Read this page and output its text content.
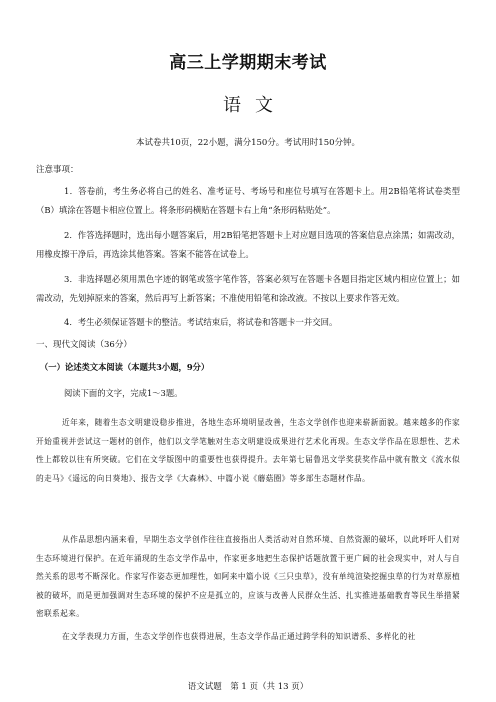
高三上学期期末考试
语文
本试卷共10页，22小题，满分150分。考试用时150分钟。
注意事项：
1．答卷前，考生务必将自己的姓名、准考证号、考场号和座位号填写在答题卡上。用2B铅笔将试卷类型（B）填涂在答题卡相应位置上。将条形码横贴在答题卡右上角“条形码粘贴处”。
2．作答选择题时，选出每小题答案后，用2B铅笔把答题卡上对应题目选项的答案信息点涂黑；如需改动，用橡皮擦干净后，再选涂其他答案。答案不能答在试卷上。
3．非选择题必须用黑色字迹的钢笔或签字笔作答，答案必须写在答题卡各题目指定区域内相应位置上；如需改动，先划掉原来的答案，然后再写上新答案；不准使用铅笔和涂改液。不按以上要求作答无效。
4．考生必须保证答题卡的整洁。考试结束后，将试卷和答题卡一并交回。
一、现代文阅读（36分）
（一）论述类文本阅读（本题共3小题，9分）
阅读下面的文字，完成1～3题。
近年来，随着生态文明建设稳步推进，各地生态环境明显改善，生态文学创作也迎来崭新面貌。越来越多的作家开始重视并尝试这一题材的创作，他们以文学笔触对生态文明建设成果进行艺术化再现。生态文学作品在思想性、艺术性上都较以往有所突破。它们在文学版图中的重要性也获得提升。去年第七届鲁迅文学奖获奖作品中就有散文《流水似的走马》《遥远的向日葵地》、报告文学《大森林》、中篇小说《蘑菇圈》等多部生态题材作品。
从作品思想内涵来看，早期生态文学创作往往直接指出人类活动对自然环境、自然资源的破坏，以此呼吁人们对生态环境进行保护。在近年涌现的生态文学作品中，作家更多地把生态保护话题放置于更广阔的社会现实中，对人与自然关系的思考不断深化。作家写作姿态更加理性，如阿来中篇小说《三只虫草》，没有单纯渲染挖掘虫草的行为对草原植被的破坏，而是更加强调对生态环境的保护不应是孤立的，应该与改善人民群众生活、扎实推进基础教育等民生举措紧密联系起来。
在文学表现力方面，生态文学创作也获得进展，生态文学作品正通过跨学科的知识谱系、多样化的社
语文试题　第 1 页（共 13 页）
